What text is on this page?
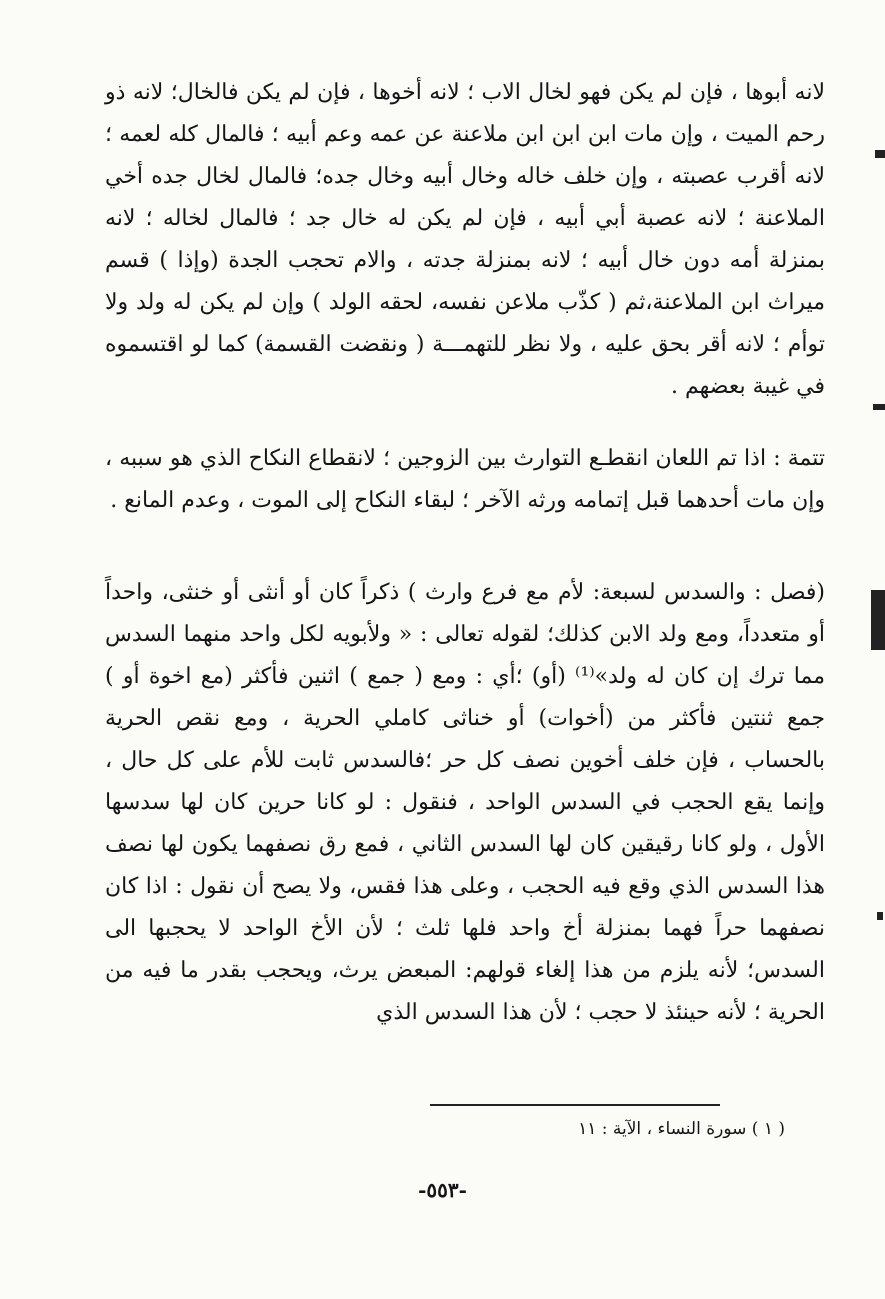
لانه أبوها ، فإن لم يكن فهو لخال الاب ؛ لانه أخوها ، فإن لم يكن فالخال؛ لانه ذو رحم الميت ، وإن مات ابن ابن ابن ملاعنة عن عمه وعم أبيه ؛ فالمال كله لعمه ؛ لانه أقرب عصبته ، وإن خلف خاله وخال أبيه وخال جده؛ فالمال لخال جده أخي الملاعنة ؛ لانه عصبة أبي أبيه ، فإن لم يكن له خال جد ؛ فالمال لخاله ؛ لانه بمنزلة أمه دون خال أبيه ؛ لانه بمنزلة جدته ، والام تحجب الجدة (وإذا ) قسم ميراث ابن الملاعنة،ثم ( كذّب ملاعن نفسه، لحقه الولد ) وإن لم يكن له ولد ولا توأم ؛ لانه أقر بحق عليه ، ولا نظر للتهمـــة ( ونقضت القسمة) كما لو اقتسموه في غيبة بعضهم .

تتمة : اذا تم اللعان انقطـع التوارث بين الزوجين ؛ لانقطاع النكاح الذي هو سببه ، وإن مات أحدهما قبل إتمامه ورثه الآخر ؛ لبقاء النكاح إلى الموت ، وعدم المانع .

(فصل : والسدس لسبعة: لأم مع فرع وارث ) ذكراً كان أو أنثى أو خنثى، واحداً أو متعدداً، ومع ولد الابن كذلك؛ لقوله تعالى : « ولأبويه لكل واحد منهما السدس مما ترك إن كان له ولد»⁽¹⁾ (أو) ؛أي : ومع ( جمع ) اثنين فأكثر (مع اخوة أو ) جمع ثنتين فأكثر من (أخوات) أو خناثى كاملي الحرية ، ومع نقص الحرية بالحساب ، فإن خلف أخوين نصف كل حر ؛فالسدس ثابت للأم على كل حال ، وإنما يقع الحجب في السدس الواحد ، فنقول : لو كانا حرين كان لها سدسها الأول ، ولو كانا رقيقين كان لها السدس الثاني ، فمع رق نصفهما يكون لها نصف هذا السدس الذي وقع فيه الحجب ، وعلى هذا فقس، ولا يصح أن نقول : اذا كان نصفهما حراً فهما بمنزلة أخ واحد فلها ثلث ؛ لأن الأخ الواحد لا يحجبها الى السدس؛ لأنه يلزم من هذا إلغاء قولهم: المبعض يرث، ويحجب بقدر ما فيه من الحرية ؛ لأنه حينئذ لا حجب ؛ لأن هذا السدس الذي

( ١ ) سورة النساء ، الآية : ١١
-٥٥٣-
